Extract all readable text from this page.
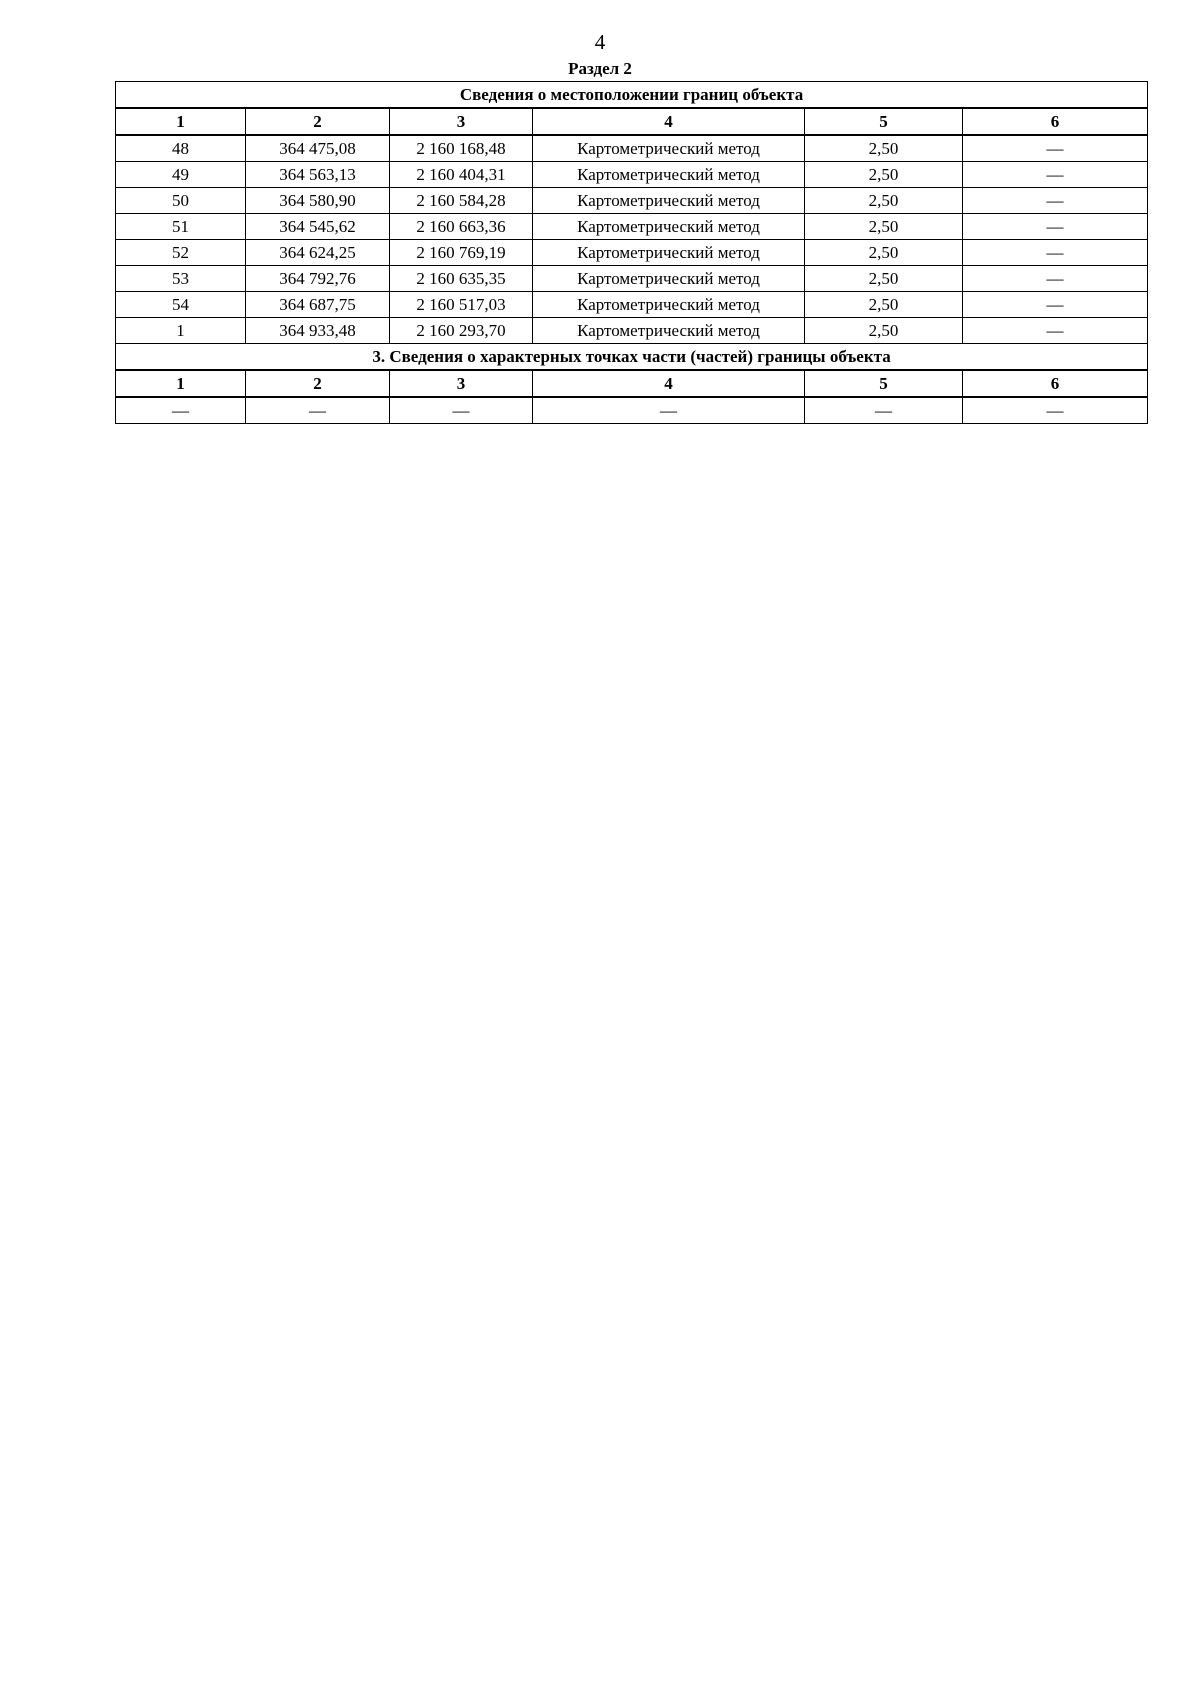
4
Раздел 2
Сведения о местоположении границ объекта					
1	2	3	4	5	6
48	364 475,08	2 160 168,48	Картометрический метод	2,50	—
49	364 563,13	2 160 404,31	Картометрический метод	2,50	—
50	364 580,90	2 160 584,28	Картометрический метод	2,50	—
51	364 545,62	2 160 663,36	Картометрический метод	2,50	—
52	364 624,25	2 160 769,19	Картометрический метод	2,50	—
53	364 792,76	2 160 635,35	Картометрический метод	2,50	—
54	364 687,75	2 160 517,03	Картометрический метод	2,50	—
1	364 933,48	2 160 293,70	Картометрический метод	2,50	—
3. Сведения о характерных точках части (частей) границы объекта					
1	2	3	4	5	6
—	—	—	—	—	—
